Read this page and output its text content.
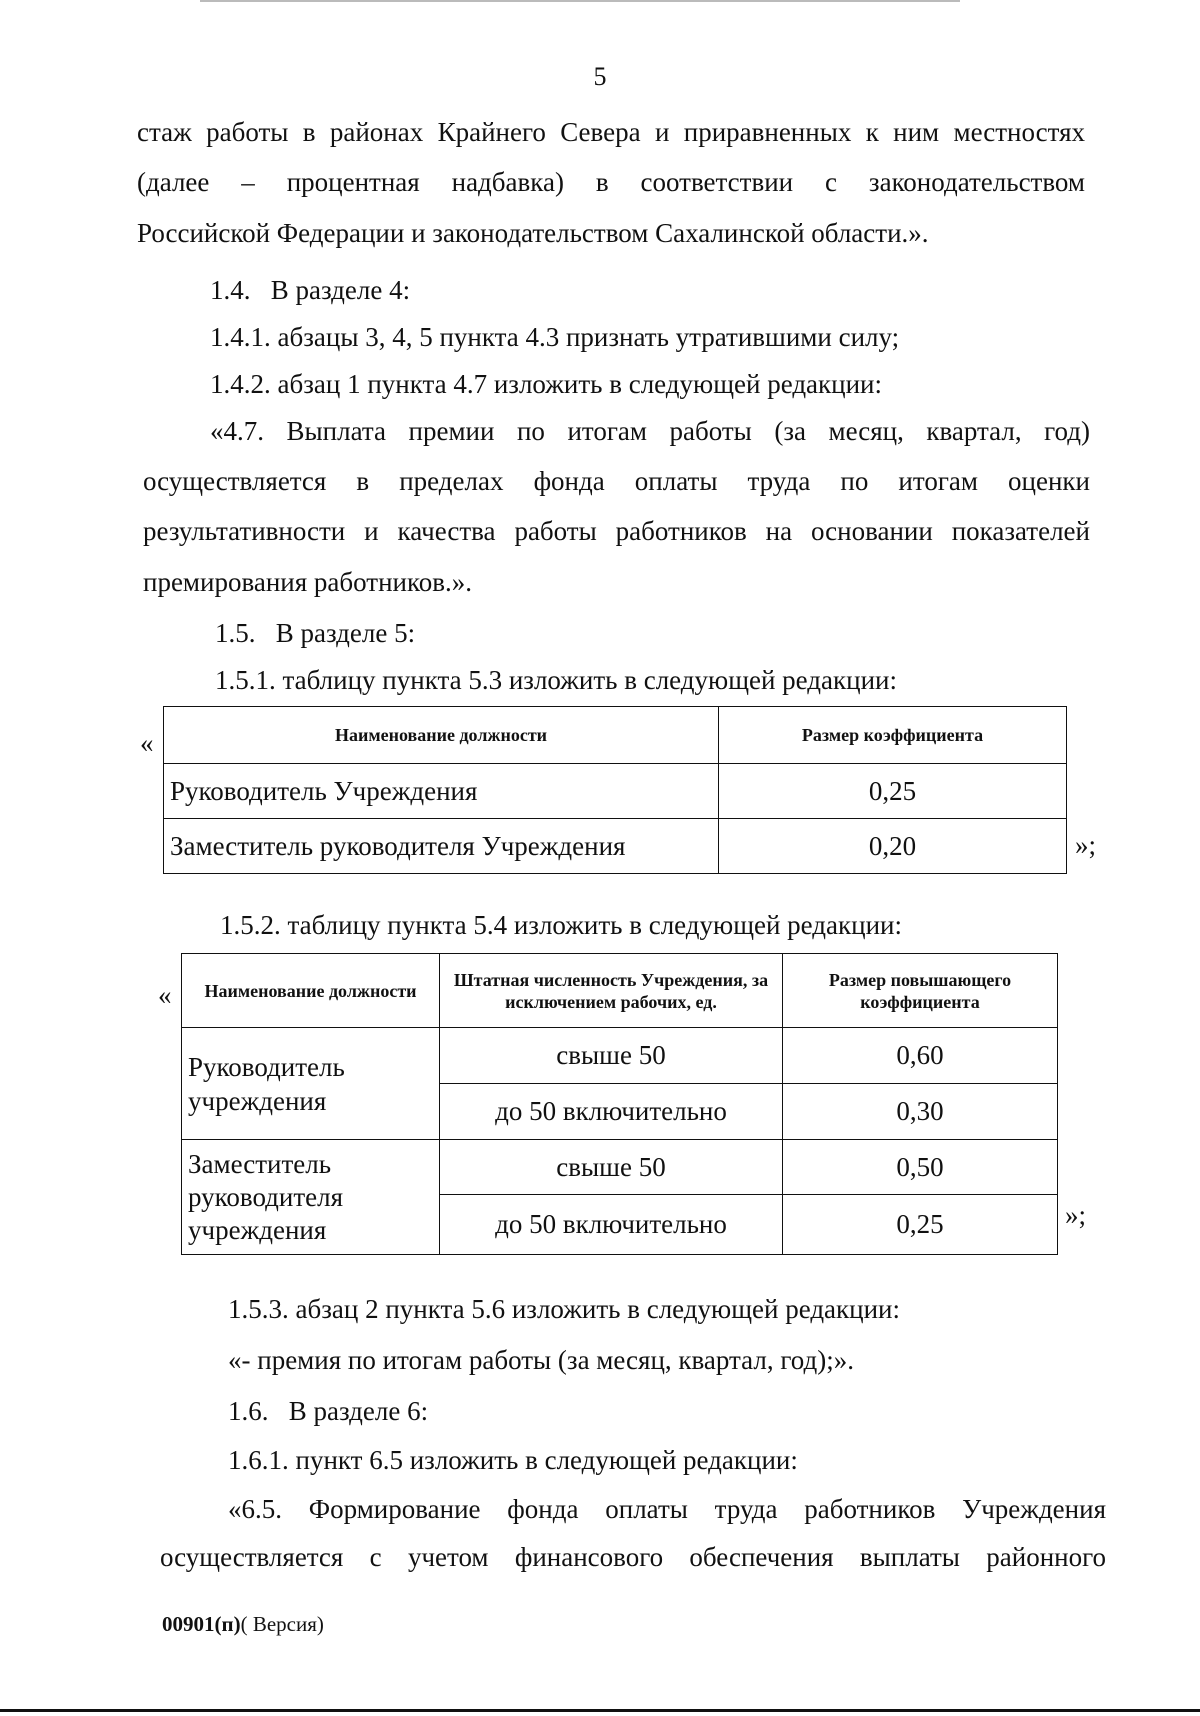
5
стаж работы в районах Крайнего Севера и приравненных к ним местностях
(далее – процентная надбавка) в соответствии с законодательством
Российской Федерации и законодательством Сахалинской области.».
1.4.   В разделе 4:
1.4.1. абзацы 3, 4, 5 пункта 4.3 признать утратившими силу;
1.4.2. абзац 1 пункта 4.7 изложить в следующей редакции:
«4.7. Выплата премии по итогам работы (за месяц, квартал, год)
осуществляется в пределах фонда оплаты труда по итогам оценки
результативности и качества работы работников на основании показателей
премирования работников.».
1.5.   В разделе 5:
1.5.1. таблицу пункта 5.3 изложить в следующей редакции:
«	Наименование должности	Размер коэффициента
Руководитель Учреждения	0,25
Заместитель руководителя Учреждения	0,20	»;
1.5.2. таблицу пункта 5.4 изложить в следующей редакции:
« Наименование должности	Штатная численность Учреждения, за исключением рабочих, ед.	Размер повышающего коэффициента
Руководитель учреждения	свыше 50	0,60
	до 50 включительно	0,30
Заместитель руководителя учреждения	свыше 50	0,50
	до 50 включительно	0,25	»;
1.5.3. абзац 2 пункта 5.6 изложить в следующей редакции:
«- премия по итогам работы (за месяц, квартал, год);».
1.6.   В разделе 6:
1.6.1. пункт 6.5 изложить в следующей редакции:
«6.5. Формирование фонда оплаты труда работников Учреждения
осуществляется с учетом финансового обеспечения выплаты районного
00901(п)( Версия)
